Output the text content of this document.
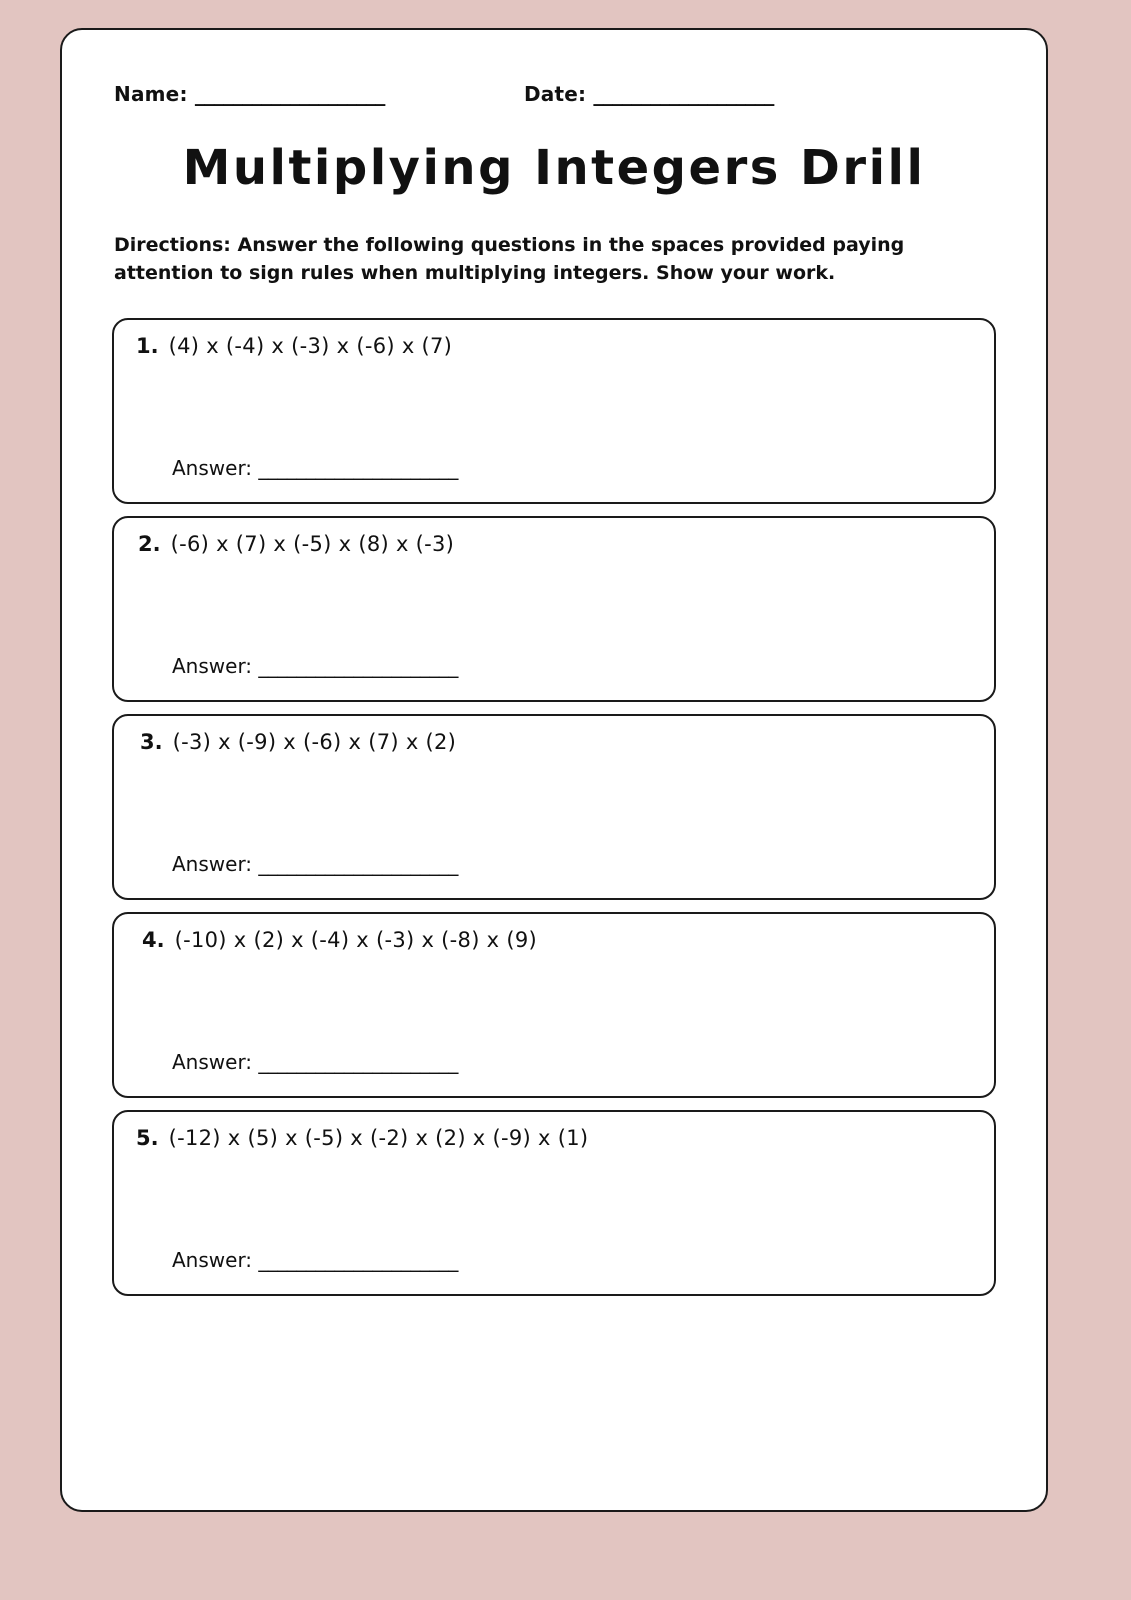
Name: ____________________	Date: ___________________
Multiplying Integers Drill
Directions: Answer the following questions in the spaces provided paying attention to sign rules when multiplying integers. Show your work.
1. (4) x (-4) x (-3) x (-6) x (7)
Answer: _____________________
2. (-6) x (7) x (-5) x (8) x (-3)
Answer: _____________________
3. (-3) x (-9) x (-6) x (7) x (2)
Answer: _____________________
4. (-10) x (2) x (-4) x (-3) x (-8) x (9)
Answer: _____________________
5. (-12) x (5) x (-5) x (-2) x (2) x (-9) x (1)
Answer: _____________________
